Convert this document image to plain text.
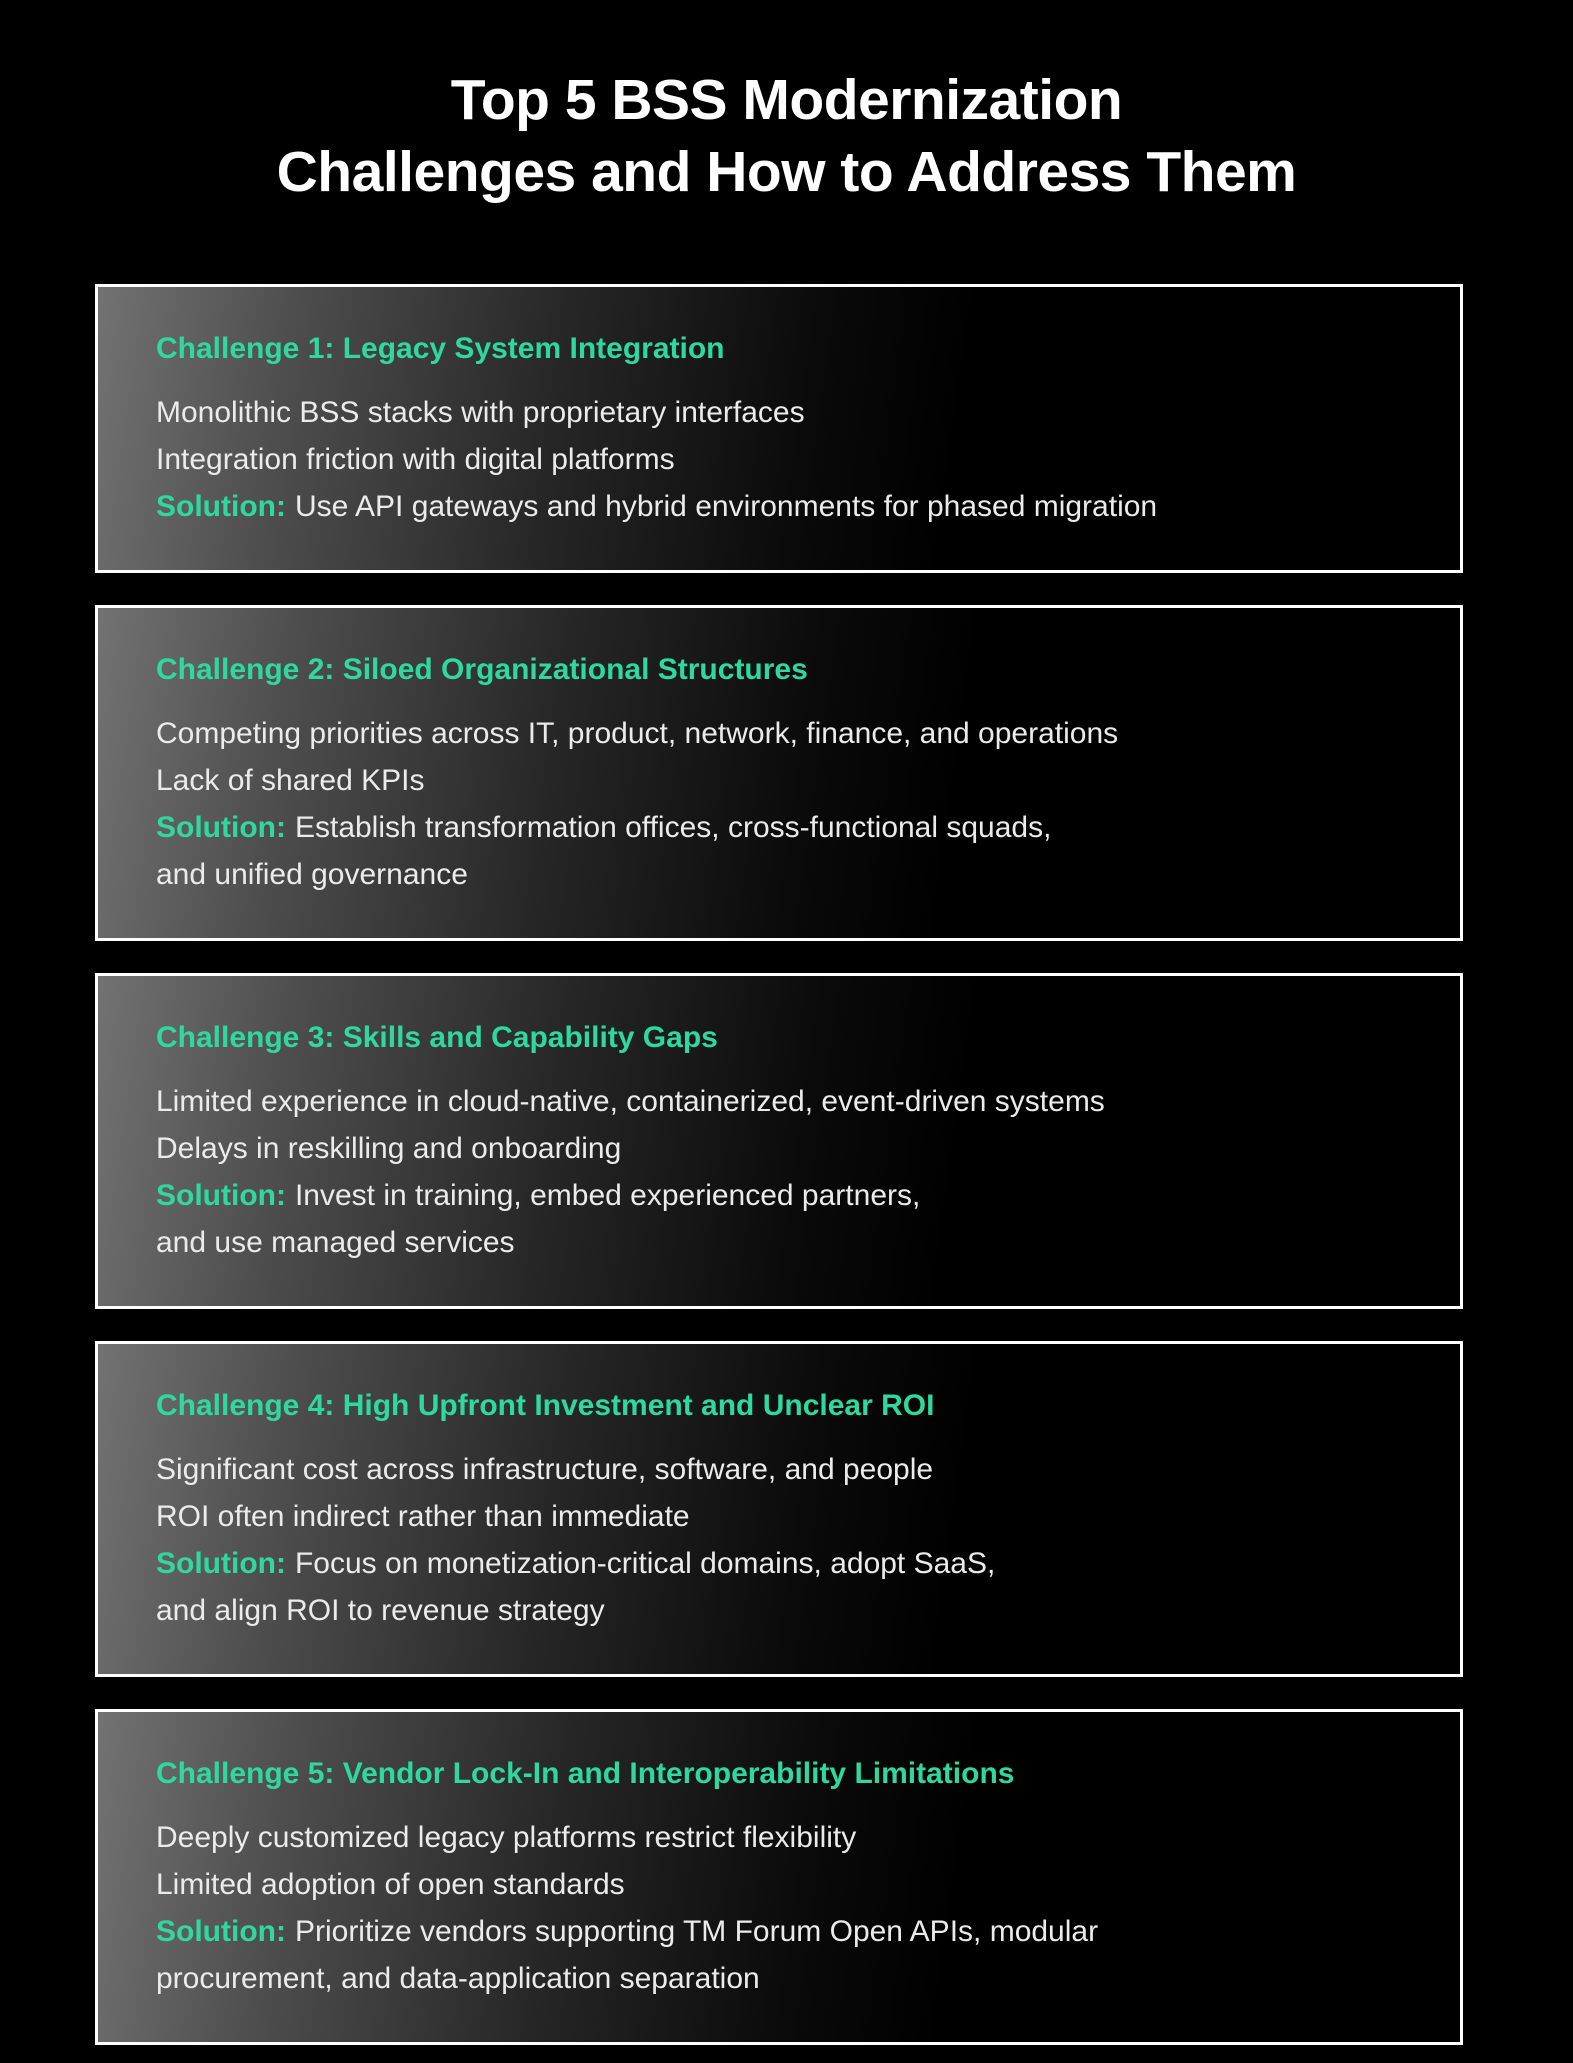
Top 5 BSS Modernization
Challenges and How to Address Them
Challenge 1: Legacy System Integration

Monolithic BSS stacks with proprietary interfaces

Integration friction with digital platforms

Solution: Use API gateways and hybrid environments for phased migration

Challenge 2: Siloed Organizational Structures

Competing priorities across IT, product, network, finance, and operations

Lack of shared KPIs

Solution: Establish transformation offices, cross-functional squads,

and unified governance

Challenge 3: Skills and Capability Gaps

Limited experience in cloud-native, containerized, event-driven systems

Delays in reskilling and onboarding

Solution: Invest in training, embed experienced partners,

and use managed services

Challenge 4: High Upfront Investment and Unclear ROI

Significant cost across infrastructure, software, and people

ROI often indirect rather than immediate

Solution: Focus on monetization-critical domains, adopt SaaS,

and align ROI to revenue strategy

Challenge 5: Vendor Lock-In and Interoperability Limitations

Deeply customized legacy platforms restrict flexibility

Limited adoption of open standards

Solution: Prioritize vendors supporting TM Forum Open APIs, modular

procurement, and data-application separation
